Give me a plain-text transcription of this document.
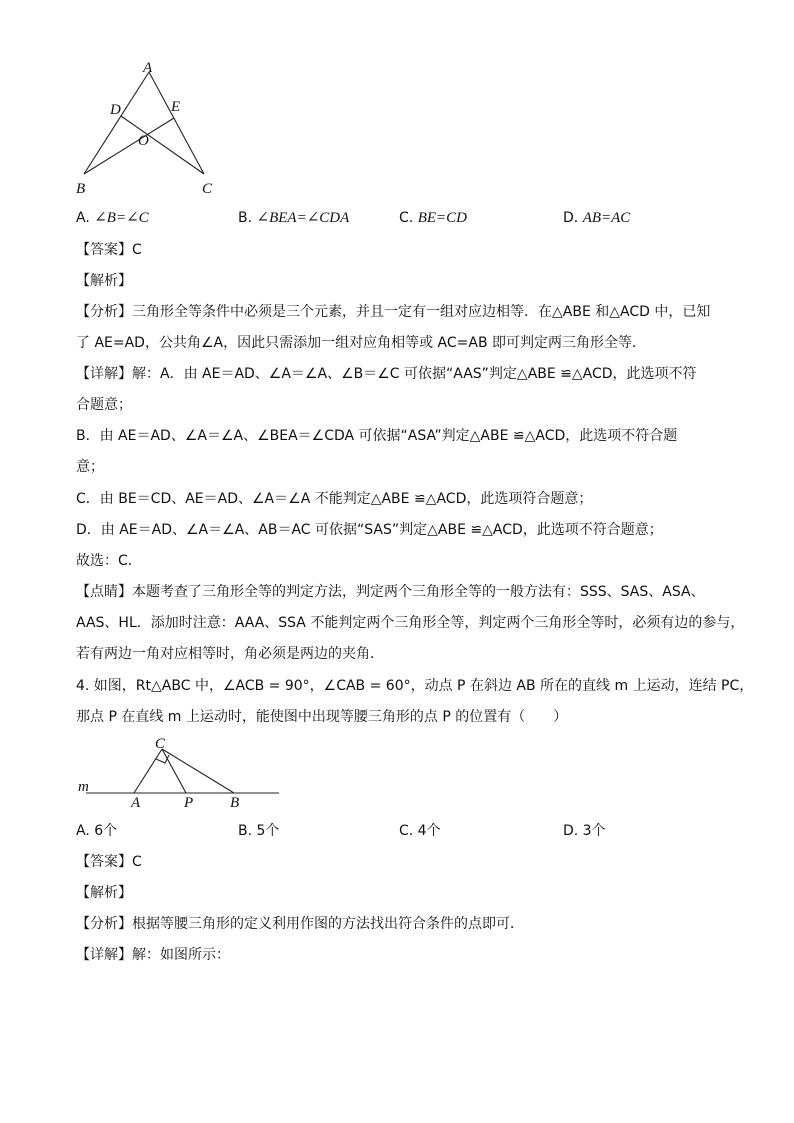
A
D	E
O
B	C
A. ∠B=∠C	B. ∠BEA=∠CDA	C. BE=CD	D. AB=AC
【答案】C
【解析】
【分析】三角形全等条件中必须是三个元素，并且一定有一组对应边相等．在△ABE 和△ACD 中，已知
了 AE=AD，公共角∠A，因此只需添加一组对应角相等或 AC=AB 即可判定两三角形全等．
【详解】解：A．由 AE＝AD、∠A＝∠A、∠B＝∠C 可依据“AAS”判定△ABE ≌△ACD，此选项不符
合题意；
B．由 AE＝AD、∠A＝∠A、∠BEA＝∠CDA 可依据“ASA”判定△ABE ≌△ACD，此选项不符合题
意；
C．由 BE＝CD、AE＝AD、∠A＝∠A 不能判定△ABE ≌△ACD，此选项符合题意；
D．由 AE＝AD、∠A＝∠A、AB＝AC 可依据“SAS”判定△ABE ≌△ACD，此选项不符合题意；
故选：C．
【点睛】本题考查了三角形全等的判定方法，判定两个三角形全等的一般方法有：SSS、SAS、ASA、
AAS、HL．添加时注意：AAA、SSA 不能判定两个三角形全等，判定两个三角形全等时，必须有边的参与，
若有两边一角对应相等时，角必须是两边的夹角．
4. 如图，Rt△ABC 中，∠ACB = 90°，∠CAB = 60°，动点 P 在斜边 AB 所在的直线 m 上运动，连结 PC，
那点 P 在直线 m 上运动时，能使图中出现等腰三角形的点 P 的位置有（　　）
C
m
A	P B
A. 6个	B. 5个	C. 4个	D. 3个
【答案】C
【解析】
【分析】根据等腰三角形的定义利用作图的方法找出符合条件的点即可．
【详解】解：如图所示：
